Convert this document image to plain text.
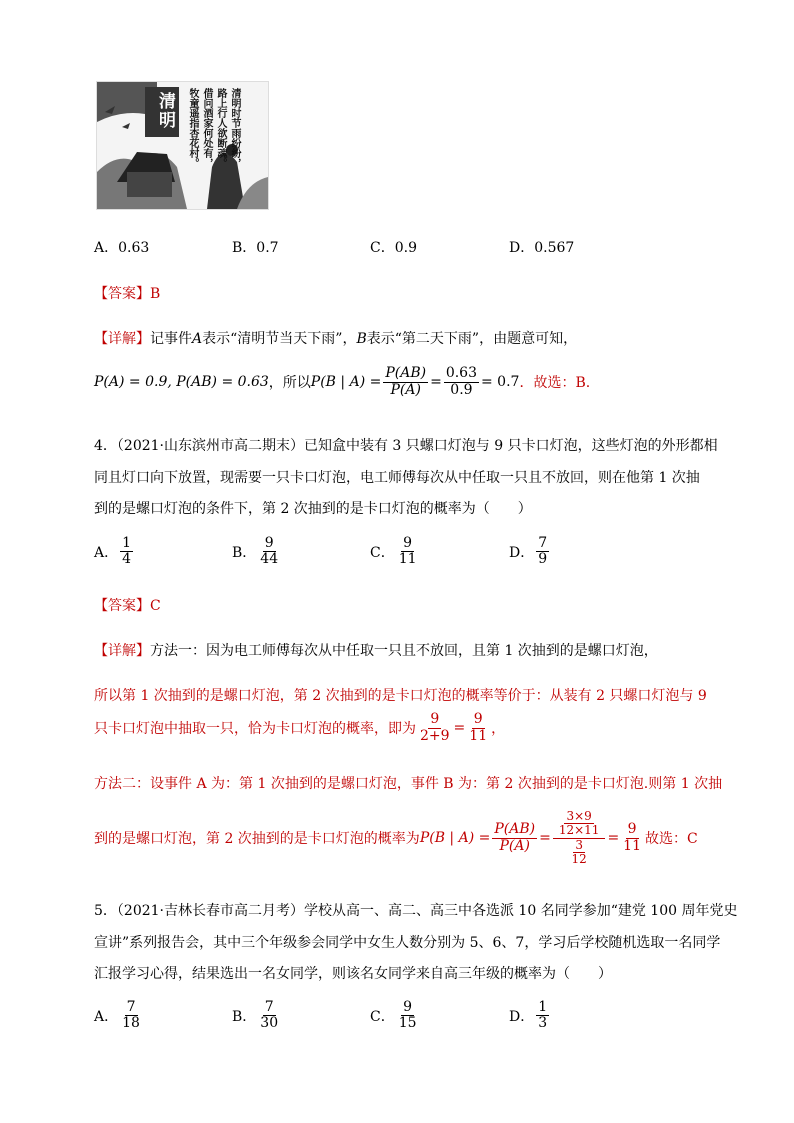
清明	清明时节雨纷纷，
路上行人欲断魂。
借问酒家何处有，
牧童遥指杏花村。
A．0.63	B．0.7	C．0.9	D．0.567
【答案】B
【详解】记事件A表示“清明节当天下雨”，B表示“第二天下雨”，由题意可知，
P(A) = 0.9, P(AB) = 0.63 ，所以 P(B | $A) = \frac{P(AB)}{P(A)} = \frac{0.63}{0.9} = 0.7$ ．故选：B.
4．（2021·山东滨州市高二期末）已知盒中装有 3 只螺口灯泡与 9 只卡口灯泡，这些灯泡的外形都相
同且灯口向下放置，现需要一只卡口灯泡，电工师傅每次从中任取一只且不放回，则在他第 1 次抽
到的是螺口灯泡的条件下，第 2 次抽到的是卡口灯泡的概率为（　　）
A． $\frac{1}{4}$	B． $\frac{9}{44}$	C． $\frac{9}{11}$	D． $\frac{7}{9}$
【答案】C
【详解】方法一：因为电工师傅每次从中任取一只且不放回，且第 1 次抽到的是螺口灯泡，
所以第 1 次抽到的是螺口灯泡，第 2 次抽到的是卡口灯泡的概率等价于：从装有 2 只螺口灯泡与 9
只卡口灯泡中抽取一只，恰为卡口灯泡的概率，即为 $\frac{9}{2+9} = \frac{9}{11}$ ，
方法二：设事件 A 为：第 1 次抽到的是螺口灯泡，事件 B 为：第 2 次抽到的是卡口灯泡.则第 1 次抽
到的是螺口灯泡，第 2 次抽到的是卡口灯泡的概率为 P(B | $A) = \frac{P(AB)}{P(A)} = \frac{\frac{3\times 9}{12\times 11}}{\frac{3}{12}} = \frac{9}{11}$ 故选：C
5．（2021·吉林长春市高二月考）学校从高一、高二、高三中各选派 10 名同学参加“建党 100 周年党史
宣讲”系列报告会，其中三个年级参会同学中女生人数分别为 5、6、7，学习后学校随机选取一名同学
汇报学习心得，结果选出一名女同学，则该名女同学来自高三年级的概率为（　　）
A． $\frac{7}{18}$	B． $\frac{7}{30}$	C． $\frac{9}{15}$	D． $\frac{1}{3}$
